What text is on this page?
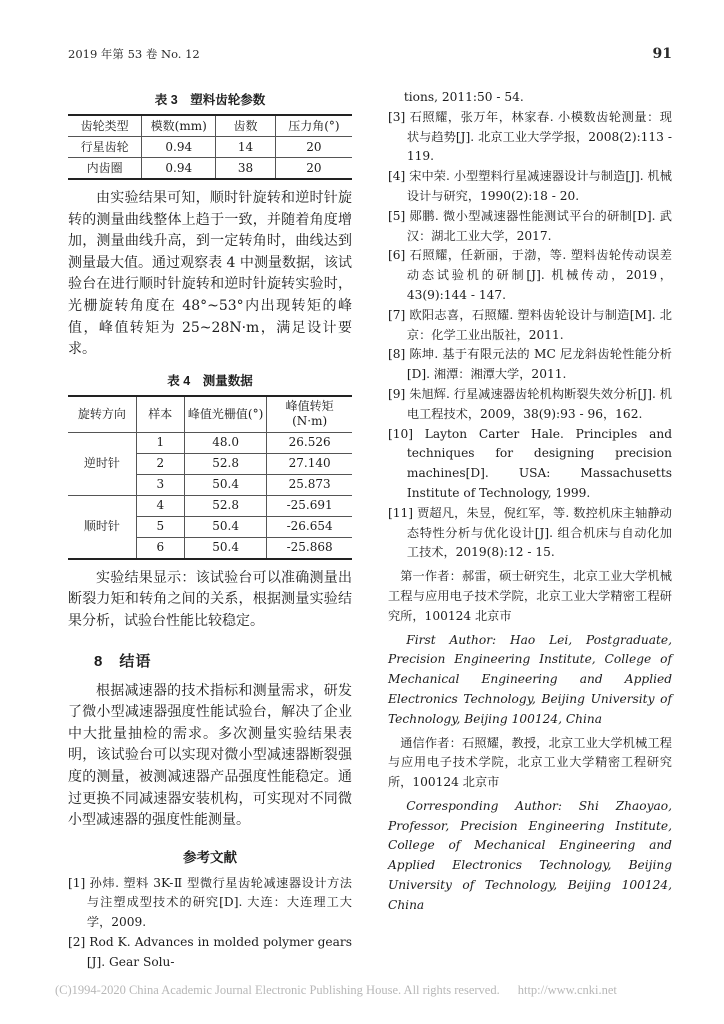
2019 年第 53 卷 No. 12	91
表 3　塑料齿轮参数
齿轮类型	模数(mm)	齿数	压力角(°)
行星齿轮	0.94	14	20
内齿圈	0.94	38	20

由实验结果可知，顺时针旋转和逆时针旋转的测量曲线整体上趋于一致，并随着角度增加，测量曲线升高，到一定转角时，曲线达到测量最大值。通过观察表 4 中测量数据，该试验台在进行顺时针旋转和逆时针旋转实验时，光栅旋转角度在 48°~53°内出现转矩的峰值，峰值转矩为 25~28N·m，满足设计要求。

表 4　测量数据
旋转方向	样本	峰值光栅值(°)	峰值转矩(N·m)
逆时针	1	48.0	26.526
	2	52.8	27.140
	3	50.4	25.873
顺时针	4	52.8	-25.691
	5	50.4	-26.654
	6	50.4	-25.868

实验结果显示：该试验台可以准确测量出断裂力矩和转角之间的关系，根据测量实验结果分析，试验台性能比较稳定。

8　结语

根据减速器的技术指标和测量需求，研发了微小型减速器强度性能试验台，解决了企业中大批量抽检的需求。多次测量实验结果表明，该试验台可以实现对微小型减速器断裂强度的测量，被测减速器产品强度性能稳定。通过更换不同减速器安装机构，可实现对不同微小型减速器的强度性能测量。

参考文献

[1] 孙炜. 塑料 3K-Ⅱ 型微行星齿轮减速器设计方法与注塑成型技术的研究[D]. 大连：大连理工大学，2009.

[2] Rod K. Advances in molded polymer gears [J]. Gear Solu-

tions, 2011:50 - 54.

[3] 石照耀，张万年，林家春. 小模数齿轮测量：现状与趋势[J]. 北京工业大学学报，2008(2):113 - 119.

[4] 宋中荣. 小型塑料行星减速器设计与制造[J]. 机械设计与研究，1990(2):18 - 20.

[5] 郧鹏. 微小型减速器性能测试平台的研制[D]. 武汉：湖北工业大学，2017.

[6] 石照耀，任新丽，于渤，等. 塑料齿轮传动误差动态试验机的研制[J]. 机械传动，2019，43(9):144 - 147.

[7] 欧阳志喜，石照耀. 塑料齿轮设计与制造[M]. 北京：化学工业出版社，2011.

[8] 陈坤. 基于有限元法的 MC 尼龙斜齿轮性能分析[D]. 湘潭：湘潭大学，2011.

[9] 朱旭辉. 行星减速器齿轮机构断裂失效分析[J]. 机电工程技术，2009，38(9):93 - 96，162.

[10] Layton Carter Hale. Principles and techniques for designing precision machines[D]. USA: Massachusetts Institute of Technology, 1999.

[11] 贾超凡，朱昱，倪红军，等. 数控机床主轴静动态特性分析与优化设计[J]. 组合机床与自动化加工技术，2019(8):12 - 15.

第一作者：郝雷，硕士研究生，北京工业大学机械工程与应用电子技术学院，北京工业大学精密工程研究所，100124 北京市

First Author: Hao Lei, Postgraduate, Precision Engineering Institute, College of Mechanical Engineering and Applied Electronics Technology, Beijing University of Technology, Beijing 100124, China

通信作者：石照耀，教授，北京工业大学机械工程与应用电子技术学院，北京工业大学精密工程研究所，100124 北京市

Corresponding Author: Shi Zhaoyao, Professor, Precision Engineering Institute, College of Mechanical Engineering and Applied Electronics Technology, Beijing University of Technology, Beijing 100124, China

(C)1994-2020 China Academic Journal Electronic Publishing House. All rights reserved. http://www.cnki.net
